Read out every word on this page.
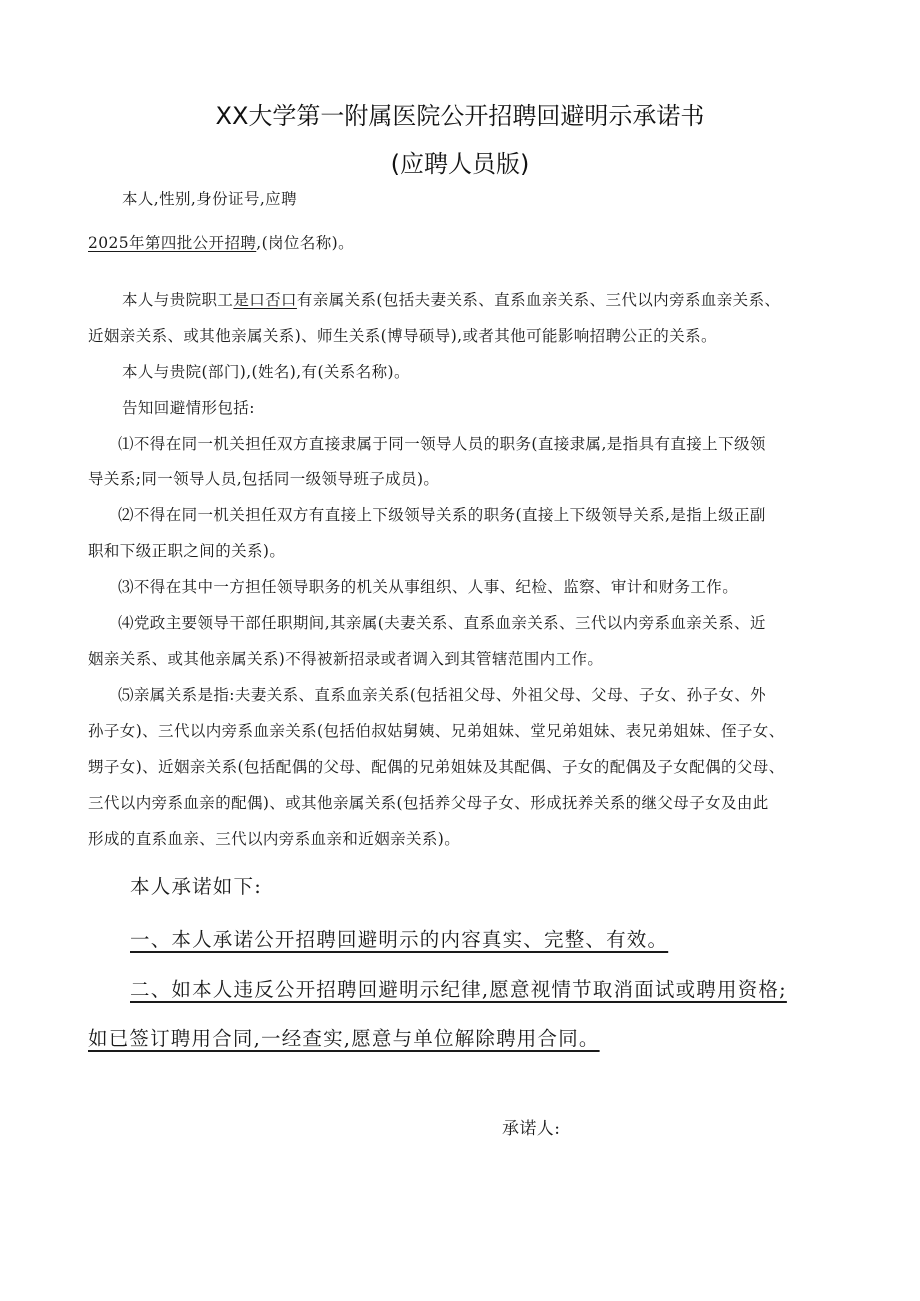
XX大学第一附属医院公开招聘回避明示承诺书
(应聘人员版)
本人,性别,身份证号,应聘
2025年第四批公开招聘,(岗位名称)。
本人与贵院职工是口否口有亲属关系(包括夫妻关系、直系血亲关系、三代以内旁系血亲关系、
近姻亲关系、或其他亲属关系)、师生关系(博导硕导),或者其他可能影响招聘公正的关系。
本人与贵院(部门),(姓名),有(关系名称)。
告知回避情形包括:
⑴不得在同一机关担任双方直接隶属于同一领导人员的职务(直接隶属,是指具有直接上下级领
导关系;同一领导人员,包括同一级领导班子成员)。
⑵不得在同一机关担任双方有直接上下级领导关系的职务(直接上下级领导关系,是指上级正副
职和下级正职之间的关系)。
⑶不得在其中一方担任领导职务的机关从事组织、人事、纪检、监察、审计和财务工作。
⑷党政主要领导干部任职期间,其亲属(夫妻关系、直系血亲关系、三代以内旁系血亲关系、近
姻亲关系、或其他亲属关系)不得被新招录或者调入到其管辖范围内工作。
⑸亲属关系是指:夫妻关系、直系血亲关系(包括祖父母、外祖父母、父母、子女、孙子女、外
孙子女)、三代以内旁系血亲关系(包括伯叔姑舅姨、兄弟姐妹、堂兄弟姐妹、表兄弟姐妹、侄子女、
甥子女)、近姻亲关系(包括配偶的父母、配偶的兄弟姐妹及其配偶、子女的配偶及子女配偶的父母、
三代以内旁系血亲的配偶)、或其他亲属关系(包括养父母子女、形成抚养关系的继父母子女及由此
形成的直系血亲、三代以内旁系血亲和近姻亲关系)。
本人承诺如下:
一、本人承诺公开招聘回避明示的内容真实、完整、有效。
二、如本人违反公开招聘回避明示纪律,愿意视情节取消面试或聘用资格;
如已签订聘用合同,一经查实,愿意与单位解除聘用合同。
承诺人:
